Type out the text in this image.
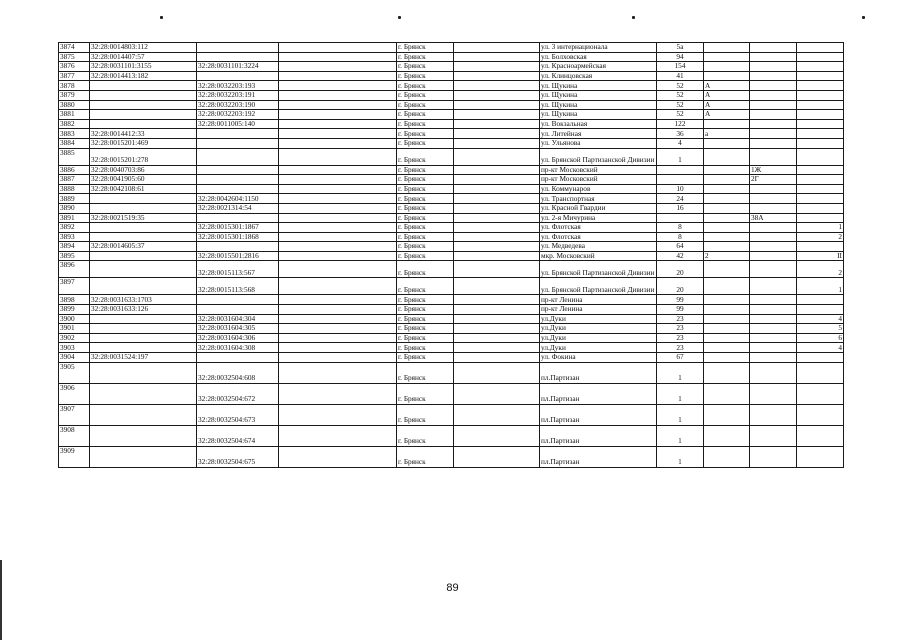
3874	32:28:0014803:112			г. Брянск		ул. 3 интернационала	5а			
3875	32:28:0014407:57			г. Брянск		ул. Болховская	94			
3876	32:28:0031101:3155	32:28:0031101:3224		г. Брянск		ул. Красноармейская	154			
3877	32:28:0014413:182			г. Брянск		ул. Клинцовская	41			
3878		32:28:0032203:193		г. Брянск		ул. Щукина	52	А		
3879		32:28:0032203:191		г. Брянск		ул. Щукина	52	А		
3880		32:28:0032203:190		г. Брянск		ул. Щукина	52	А		
3881		32:28:0032203:192		г. Брянск		ул. Щукина	52	А		
3882		32:28:0011005:140		г. Брянск		ул. Вокзальная	122			
3883	32:28:0014412:33			г. Брянск		ул. Литейная	36	а		
3884	32:28:0015201:469			г. Брянск		ул. Ульянова	4			
3885	32:28:0015201:278			г. Брянск		ул. Брянской Партизанской Дивизии	1			
3886	32:28:0040703:86			г. Брянск		пр-кт Московский			1Ж	
3887	32:28:0041905:60			г. Брянск		пр-кт Московский			2Г	
3888	32:28:0042108:61			г. Брянск		ул. Коммунаров	10			
3889		32:28:0042604:1150		г. Брянск		ул. Транспортная	24			
3890		32:28:0021314:54		г. Брянск		ул. Красной Гвардии	16			
3891	32:28:0021519:35			г. Брянск		ул. 2-я Мичурина			38А	
3892		32:28:0015301:1867		г. Брянск		ул. Флотская	8			1
3893		32:28:0015301:1868		г. Брянск		ул. Флотская	8			2
3894	32:28:0014605:37			г. Брянск		ул. Медведева	64			
3895		32:28:0015501:2816		г. Брянск		мкр. Московский	42	2		II
3896		32:28:0015113:567		г. Брянск		ул. Брянской Партизанской Дивизии	20			2
3897		32:28:0015113:568		г. Брянск		ул. Брянской Партизанской Дивизии	20			1
3898	32:28:0031633:1703			г. Брянск		пр-кт Ленина	99			
3899	32:28:0031633:126			г. Брянск		пр-кт Ленина	99			
3900		32:28:0031604:304		г. Брянск		ул.Дуки	23			4
3901		32:28:0031604:305		г. Брянск		ул.Дуки	23			5
3902		32:28:0031604:306		г. Брянск		ул.Дуки	23			6
3903		32:28:0031604:308		г. Брянск		ул.Дуки	23			4
3904	32:28:0031524:197			г. Брянск		ул. Фокина	67			
3905		32:28:0032504:608		г. Брянск		пл.Партизан	1			
3906		32:28:0032504:672		г. Брянск		пл.Партизан	1			
3907		32:28:0032504:673		г. Брянск		пл.Партизан	1			
3908		32:28:0032504:674		г. Брянск		пл.Партизан	1			
3909		32:28:0032504:675		г. Брянск		пл.Партизан	1			
89
